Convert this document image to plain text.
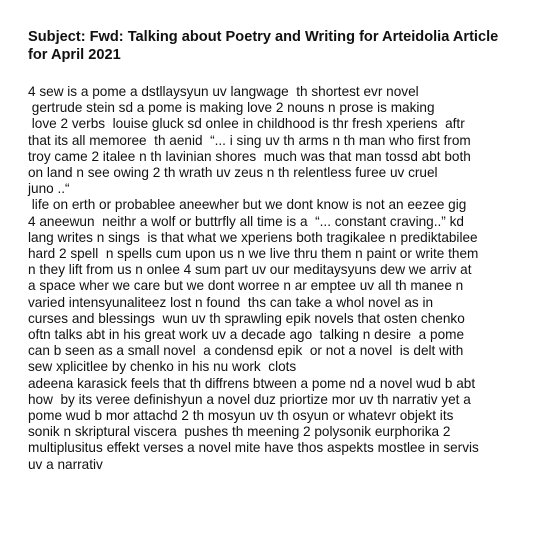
Subject: Fwd: Talking about Poetry and Writing for Arteidolia Article
for April 2021

4 sew is a pome a dstllaysyun uv langwage  th shortest evr novel

gertrude stein sd a pome is making love 2 nouns n prose is making

love 2 verbs  louise gluck sd onlee in childhood is thr fresh xperiens  aftr

that its all memoree  th aenid  “... i sing uv th arms n th man who first from

troy came 2 italee n th lavinian shores  much was that man tossd abt both

on land n see owing 2 th wrath uv zeus n th relentless furee uv cruel

juno ..“

life on erth or probablee aneewher but we dont know is not an eezee gig

4 aneewun  neithr a wolf or buttrfly all time is a  “... constant craving..” kd

lang writes n sings  is that what we xperiens both tragikalee n prediktabilee

hard 2 spell  n spells cum upon us n we live thru them n paint or write them

n they lift from us n onlee 4 sum part uv our meditaysyuns dew we arriv at

a space wher we care but we dont worree n ar emptee uv all th manee n

varied intensyunaliteez lost n found  ths can take a whol novel as in

curses and blessings  wun uv th sprawling epik novels that osten chenko

oftn talks abt in his great work uv a decade ago  talking n desire  a pome

can b seen as a small novel  a condensd epik  or not a novel  is delt with

sew xplicitlee by chenko in his nu work  clots

adeena karasick feels that th diffrens btween a pome nd a novel wud b abt

how  by its veree definishyun a novel duz priortize mor uv th narrativ yet a

pome wud b mor attachd 2 th mosyun uv th osyun or whatevr objekt its

sonik n skriptural viscera  pushes th meening 2 polysonik eurphorika 2

multiplusitus effekt verses a novel mite have thos aspekts mostlee in servis

uv a narrativ
